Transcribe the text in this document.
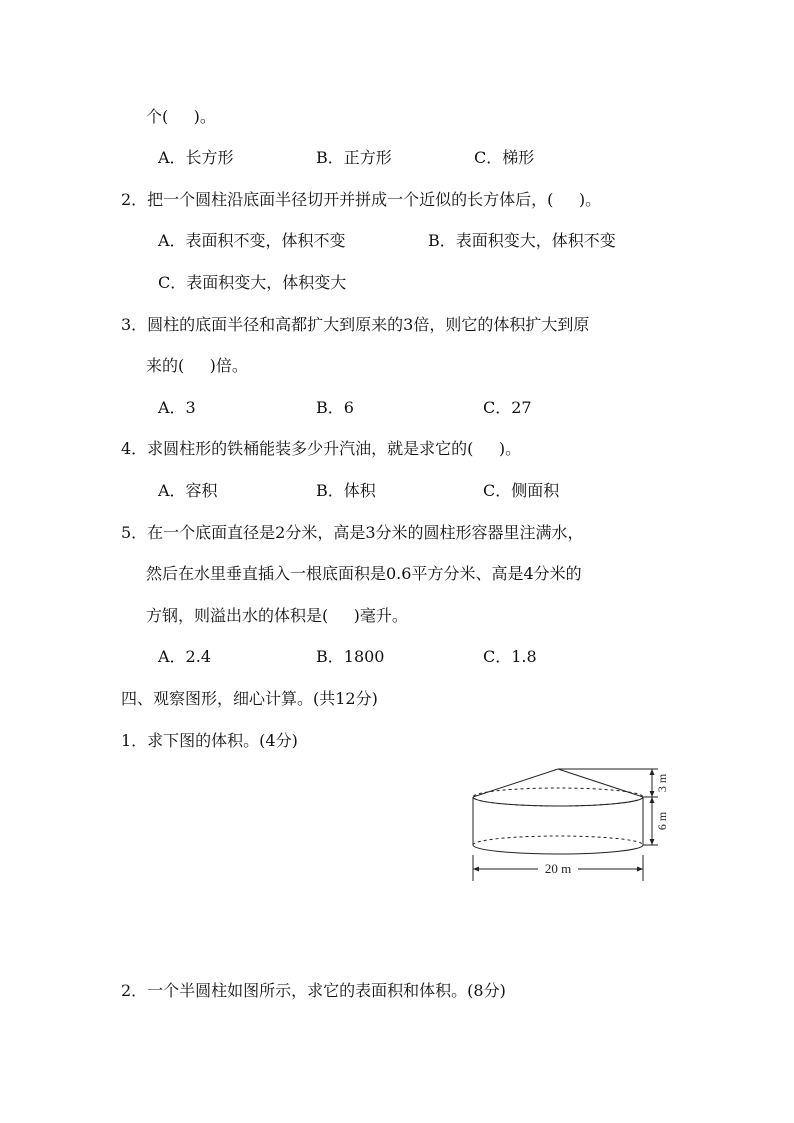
个(     )。
A．长方形	B．正方形	C．梯形
2．把一个圆柱沿底面半径切开并拼成一个近似的长方体后，(     )。
A．表面积不变，体积不变	B．表面积变大，体积不变
C．表面积变大，体积变大
3．圆柱的底面半径和高都扩大到原来的3倍，则它的体积扩大到原
来的(     )倍。
A．3	B．6	C．27
4．求圆柱形的铁桶能装多少升汽油，就是求它的(     )。
A．容积	B．体积	C．侧面积
5．在一个底面直径是2分米，高是3分米的圆柱形容器里注满水，
然后在水里垂直插入一根底面积是0.6平方分米、高是4分米的
方钢，则溢出水的体积是(     )毫升。
A．2.4	B．1800	C．1.8
四、观察图形，细心计算。(共12分)
1．求下图的体积。(4分)
3 m
6 m
20 m
2．一个半圆柱如图所示，求它的表面积和体积。(8分)
